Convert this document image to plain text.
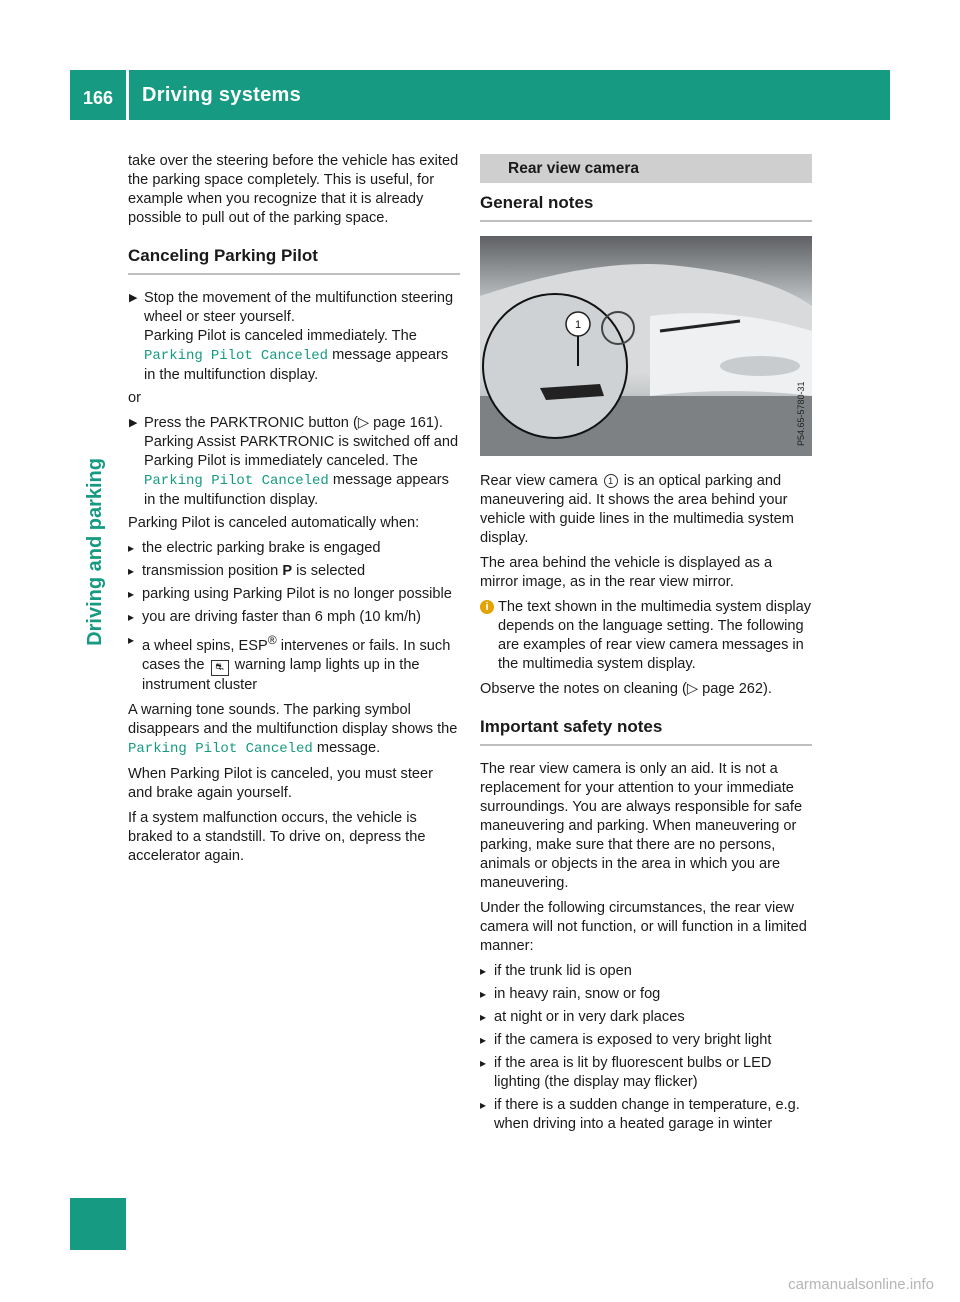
166	Driving systems
Driving and parking

take over the steering before the vehicle has exited the parking space completely. This is useful, for example when you recognize that it is already possible to pull out of the parking space.

Canceling Parking Pilot
▶ Stop the movement of the multifunction steering wheel or steer yourself.
Parking Pilot is canceled immediately. The
Parking Pilot Canceled message appears in the multifunction display.

or

▶ Press the PARKTRONIC button (▷ page 161).
Parking Assist PARKTRONIC is switched off and Parking Pilot is immediately canceled. The Parking Pilot Canceled message appears in the multifunction display.

Parking Pilot is canceled automatically when:

▸ the electric parking brake is engaged
▸ transmission position P is selected
▸ parking using Parking Pilot is no longer possible
▸ you are driving faster than 6 mph (10 km/h)
▸ a wheel spins, ESP® intervenes or fails. In such cases the ⛐ warning lamp lights up in the instrument cluster

A warning tone sounds. The parking symbol disappears and the multifunction display shows the Parking Pilot Canceled message.

When Parking Pilot is canceled, you must steer and brake again yourself.

If a system malfunction occurs, the vehicle is braked to a standstill. To drive on, depress the accelerator again.

Rear view camera
General notes
1
P54.65-5780-31

Rear view camera 1 is an optical parking and maneuvering aid. It shows the area behind your vehicle with guide lines in the multimedia system display.

The area behind the vehicle is displayed as a mirror image, as in the rear view mirror.

i The text shown in the multimedia system display depends on the language setting. The following are examples of rear view camera messages in the multimedia system display.

Observe the notes on cleaning (▷ page 262).

Important safety notes

The rear view camera is only an aid. It is not a replacement for your attention to your immediate surroundings. You are always responsible for safe maneuvering and parking. When maneuvering or parking, make sure that there are no persons, animals or objects in the area in which you are maneuvering.

Under the following circumstances, the rear view camera will not function, or will function in a limited manner:

▸ if the trunk lid is open
▸ in heavy rain, snow or fog
▸ at night or in very dark places
▸ if the camera is exposed to very bright light
▸ if the area is lit by fluorescent bulbs or LED lighting (the display may flicker)
▸ if there is a sudden change in temperature, e.g. when driving into a heated garage in winter
carmanualsonline.info
